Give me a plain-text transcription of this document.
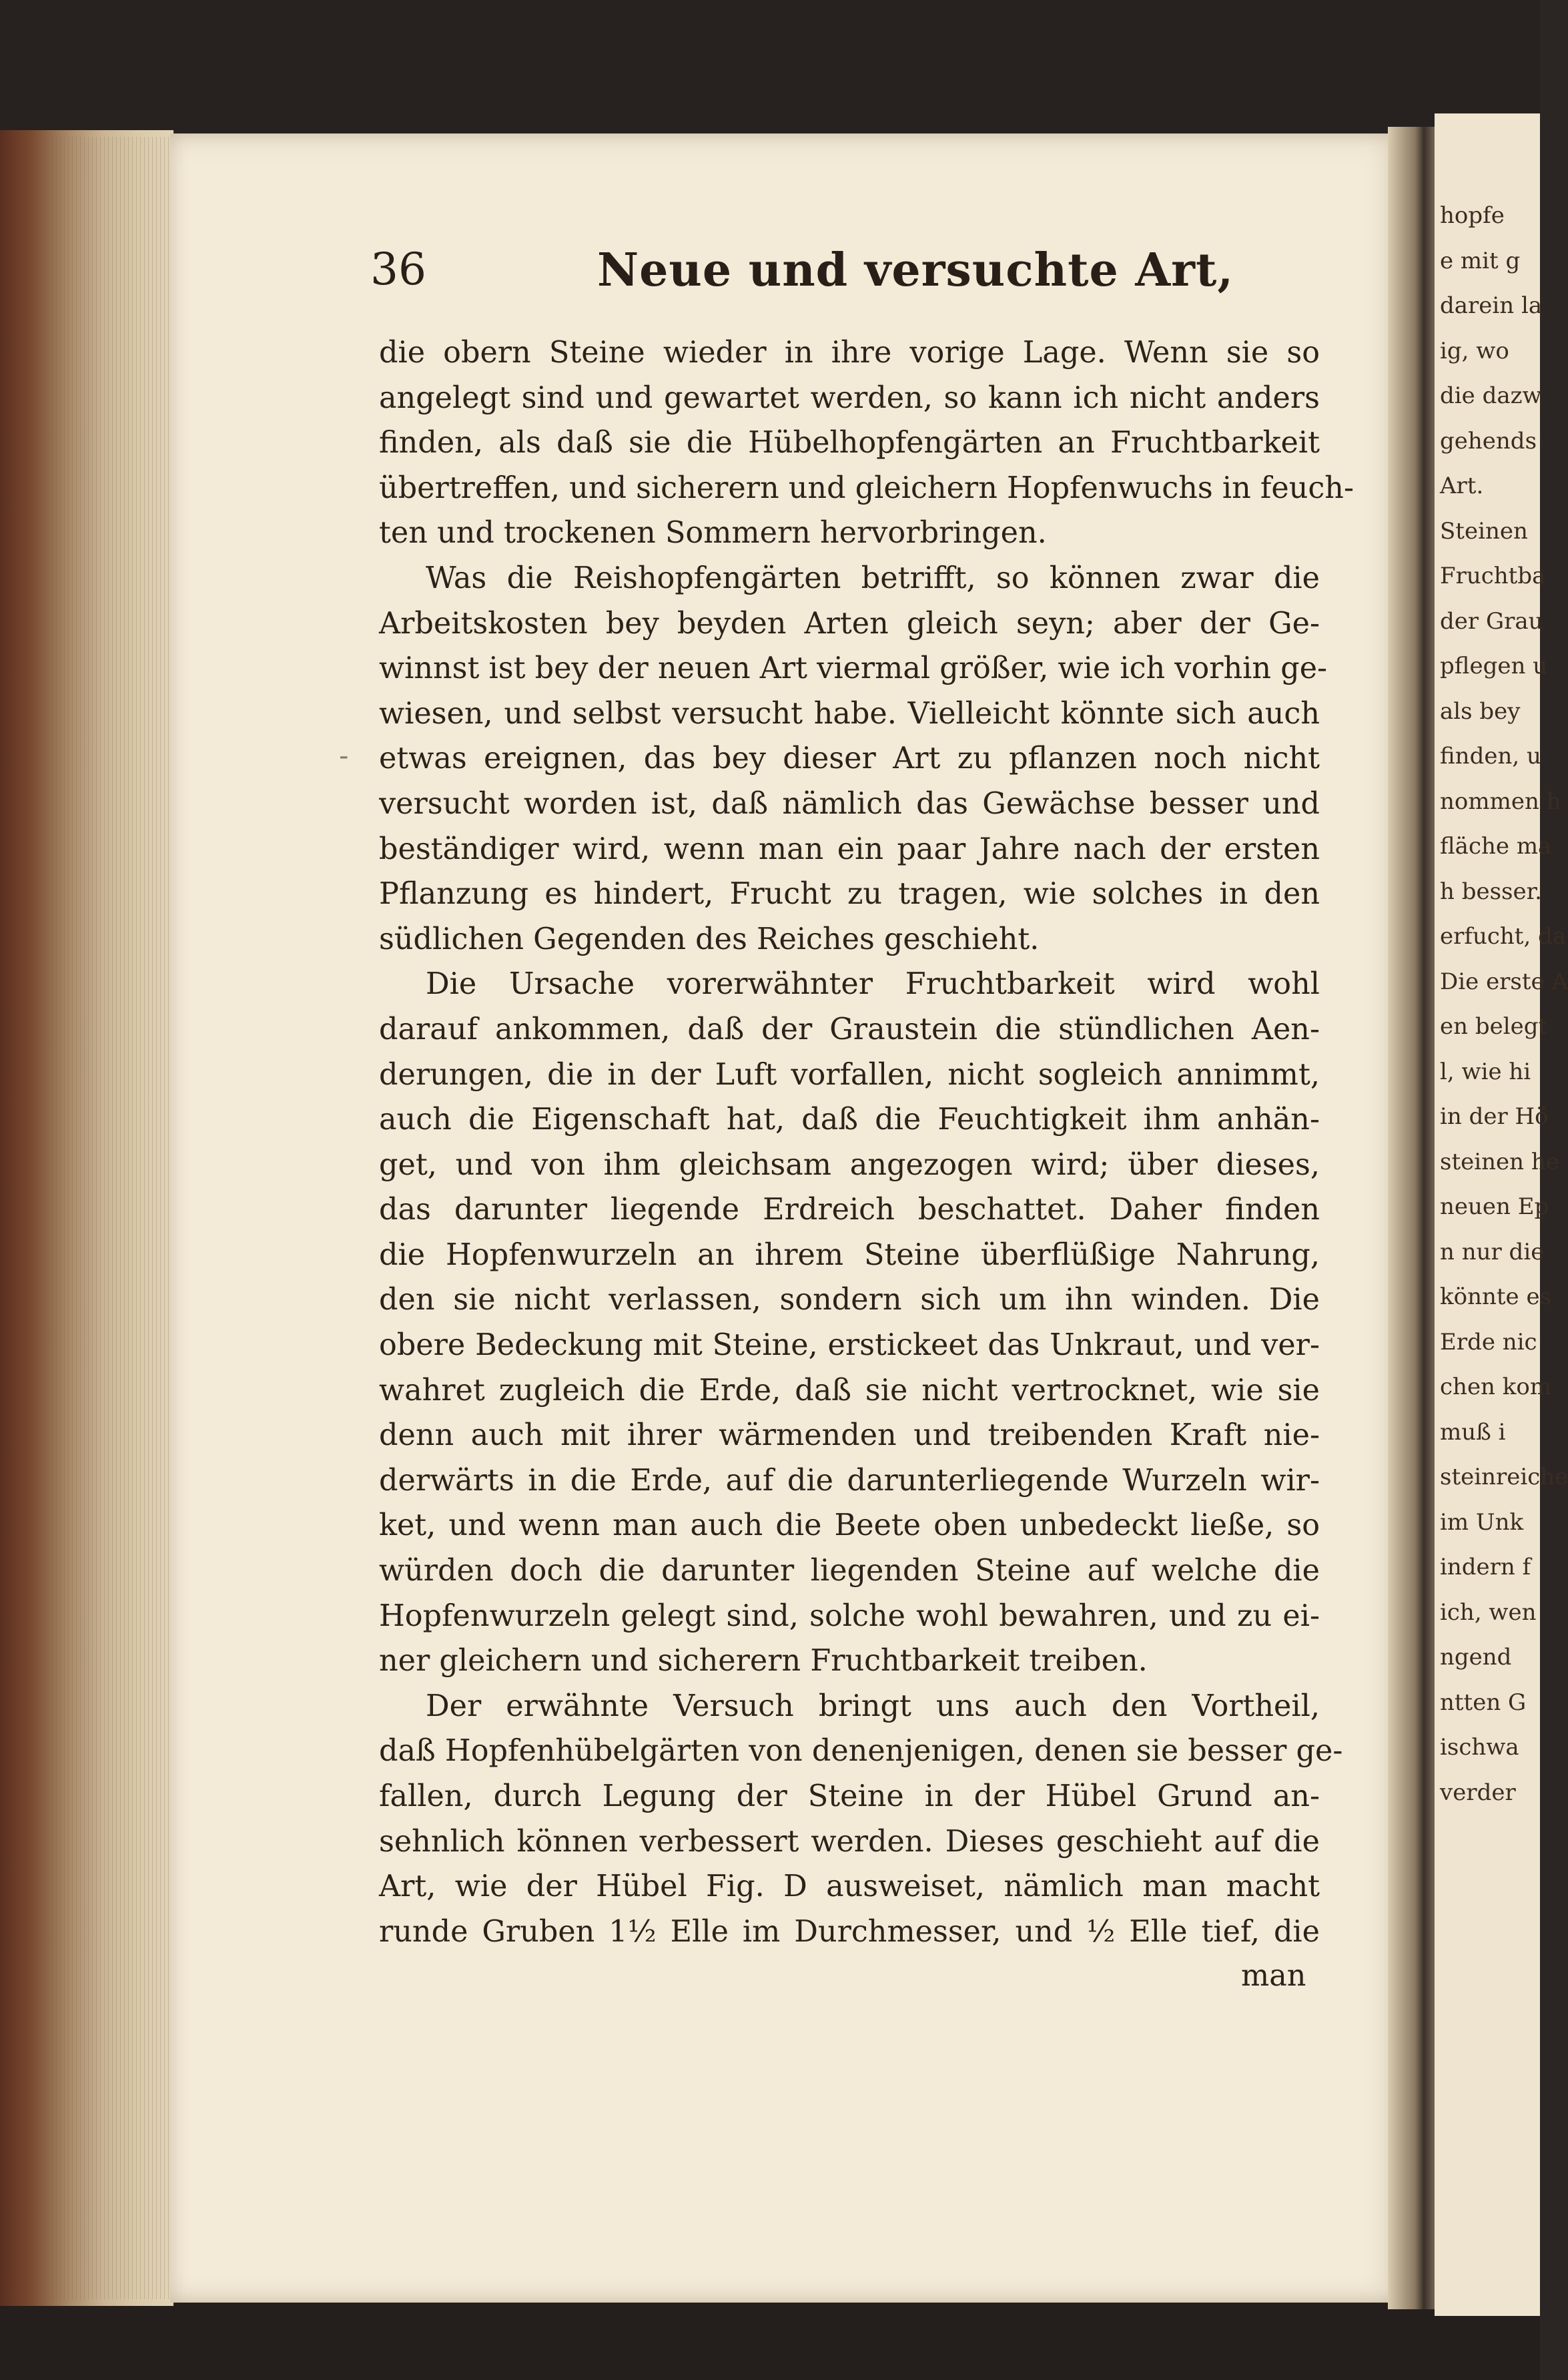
hopfe
e mit g
darein la
ig, wo
die dazw
gehends
Art.
Steinen
Fruchtba
der Grau
pflegen u
als bey
finden, u
nommen h
fläche ma
h besser.
erfucht, da
Die erste A
en belegt
l, wie hi
in der Hö
steinen he
neuen Ep
n nur die
könnte es
Erde nic
chen kom
muß i
steinreiche
im Unk
indern f
ich, wen
ngend
ntten G
ischwa
verder
36	Neue und versuchte Art,
-
die obern Steine wieder in ihre vorige Lage. Wenn sie so
angelegt sind und gewartet werden, so kann ich nicht anders
finden, als daß sie die Hübelhopfengärten an Fruchtbarkeit
übertreffen, und sicherern und gleichern Hopfenwuchs in feuch-
ten und trockenen Sommern hervorbringen.
Was die Reishopfengärten betrifft, so können zwar die
Arbeitskosten bey beyden Arten gleich seyn; aber der Ge-
winnst ist bey der neuen Art viermal größer, wie ich vorhin ge-
wiesen, und selbst versucht habe. Vielleicht könnte sich auch
etwas ereignen, das bey dieser Art zu pflanzen noch nicht
versucht worden ist, daß nämlich das Gewächse besser und
beständiger wird, wenn man ein paar Jahre nach der ersten
Pflanzung es hindert, Frucht zu tragen, wie solches in den
südlichen Gegenden des Reiches geschieht.
Die Ursache vorerwähnter Fruchtbarkeit wird wohl
darauf ankommen, daß der Graustein die stündlichen Aen-
derungen, die in der Luft vorfallen, nicht sogleich annimmt,
auch die Eigenschaft hat, daß die Feuchtigkeit ihm anhän-
get, und von ihm gleichsam angezogen wird; über dieses,
das darunter liegende Erdreich beschattet. Daher finden
die Hopfenwurzeln an ihrem Steine überflüßige Nahrung,
den sie nicht verlassen, sondern sich um ihn winden. Die
obere Bedeckung mit Steine, erstickeet das Unkraut, und ver-
wahret zugleich die Erde, daß sie nicht vertrocknet, wie sie
denn auch mit ihrer wärmenden und treibenden Kraft nie-
derwärts in die Erde, auf die darunterliegende Wurzeln wir-
ket, und wenn man auch die Beete oben unbedeckt ließe, so
würden doch die darunter liegenden Steine auf welche die
Hopfenwurzeln gelegt sind, solche wohl bewahren, und zu ei-
ner gleichern und sicherern Fruchtbarkeit treiben.
Der erwähnte Versuch bringt uns auch den Vortheil,
daß Hopfenhübelgärten von denenjenigen, denen sie besser ge-
fallen, durch Legung der Steine in der Hübel Grund an-
sehnlich können verbessert werden. Dieses geschieht auf die
Art, wie der Hübel Fig. D ausweiset, nämlich man macht
runde Gruben 1½ Elle im Durchmesser, und ½ Elle tief, die
man
